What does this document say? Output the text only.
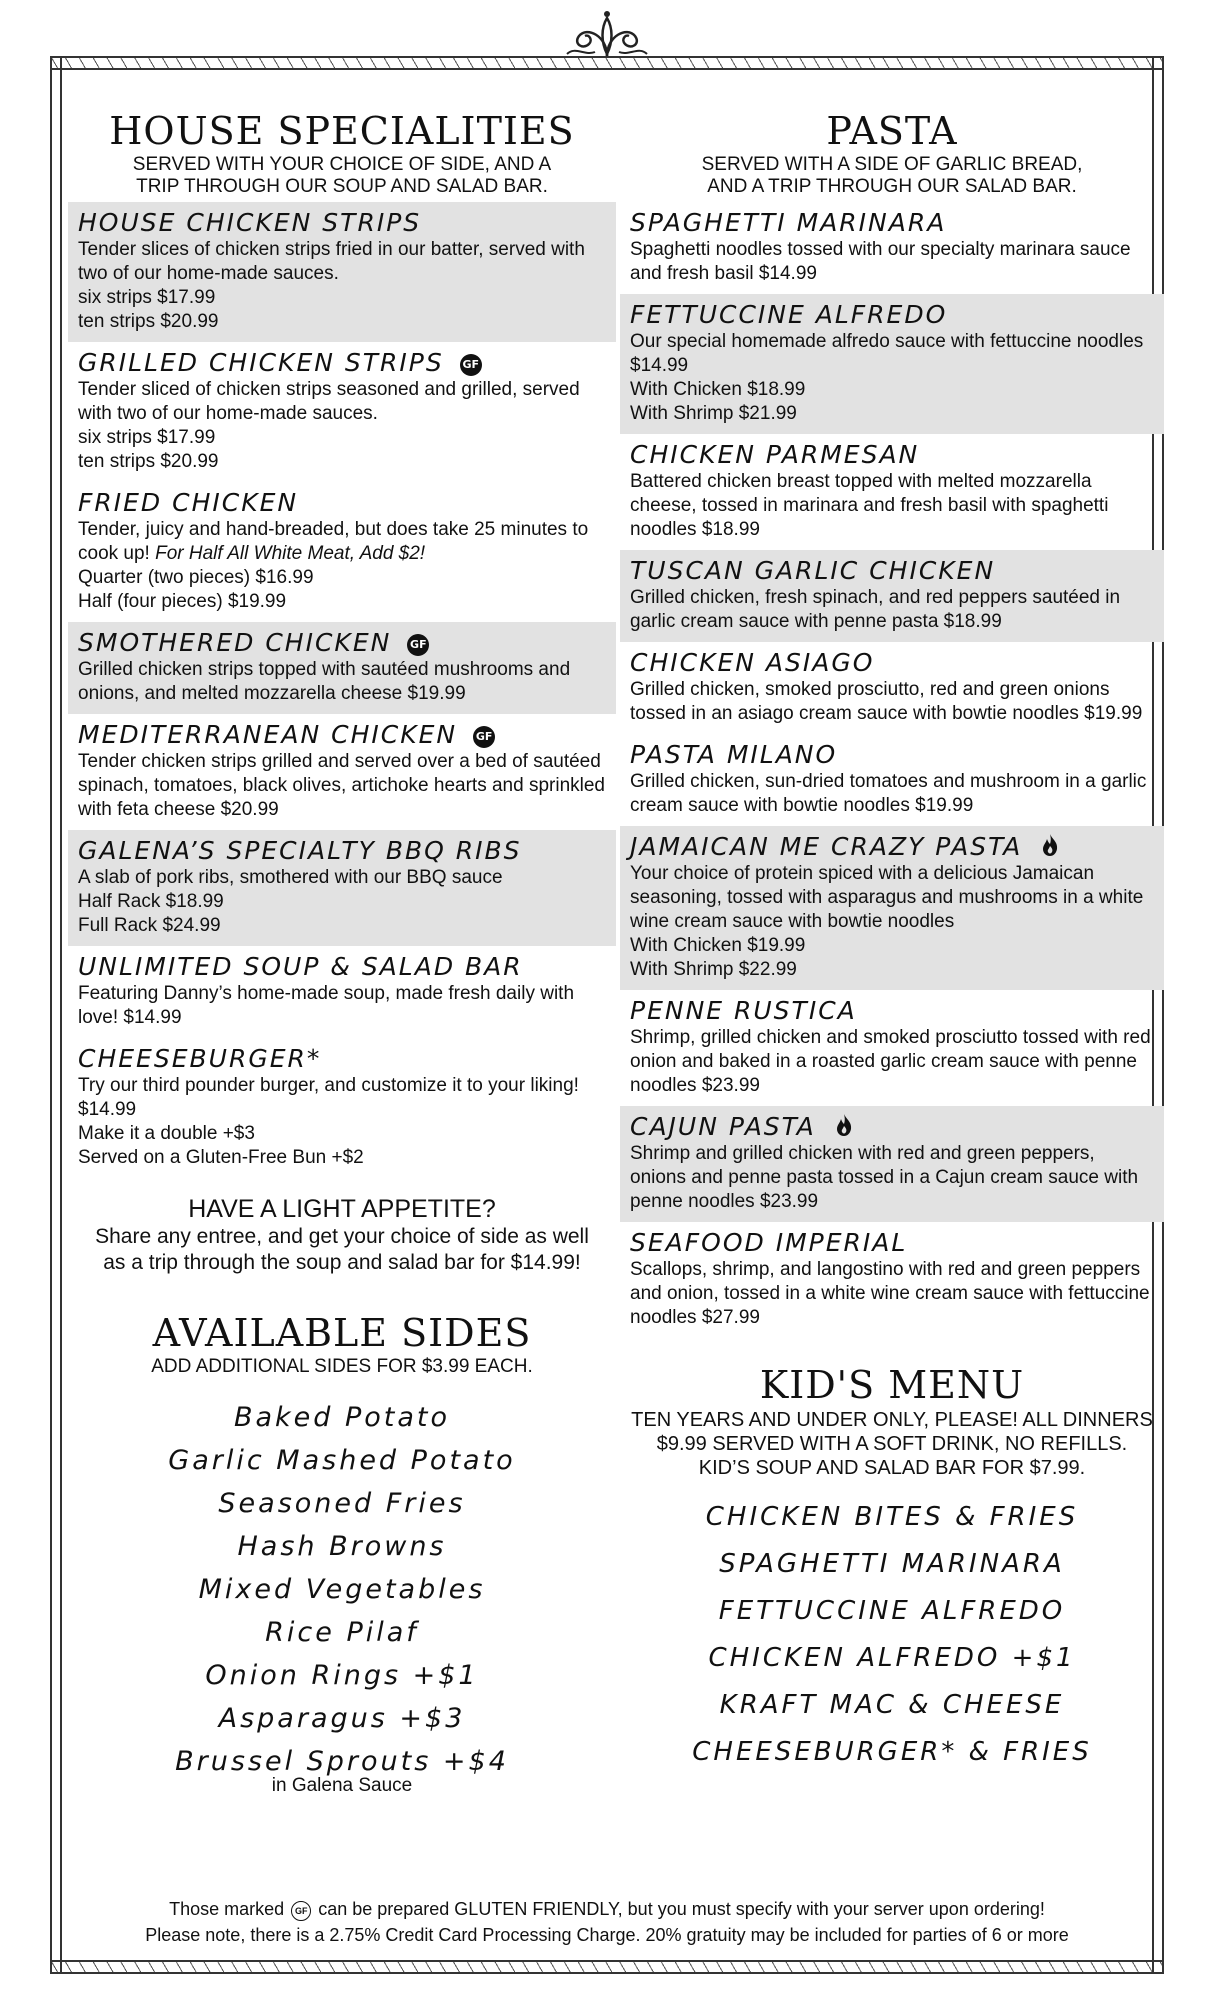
HOUSE SPECIALITIES

SERVED WITH YOUR CHOICE OF SIDE, AND A

TRIP THROUGH OUR SOUP AND SALAD BAR.

HOUSE CHICKEN STRIPS

Tender slices of chicken strips fried in our batter, served with two of our home-made sauces.

six strips $17.99

ten strips $20.99

GRILLED CHICKEN STRIPS GF

Tender sliced of chicken strips seasoned and grilled, served with two of our home-made sauces.

six strips $17.99

ten strips $20.99

FRIED CHICKEN

Tender, juicy and hand-breaded, but does take 25 minutes to cook up! For Half All White Meat, Add $2!

Quarter (two pieces) $16.99

Half (four pieces) $19.99

SMOTHERED CHICKEN GF

Grilled chicken strips topped with sautéed mushrooms and onions, and melted mozzarella cheese $19.99

MEDITERRANEAN CHICKEN GF

Tender chicken strips grilled and served over a bed of sautéed spinach, tomatoes, black olives, artichoke hearts and sprinkled with feta cheese $20.99

GALENA’S SPECIALTY BBQ RIBS

A slab of pork ribs, smothered with our BBQ sauce

Half Rack $18.99

Full Rack $24.99

UNLIMITED SOUP & SALAD BAR

Featuring Danny’s home-made soup, made fresh daily with love! $14.99

CHEESEBURGER*

Try our third pounder burger, and customize it to your liking! $14.99

Make it a double +$3

Served on a Gluten-Free Bun +$2

HAVE A LIGHT APPETITE?

Share any entree, and get your choice of side as well

as a trip through the soup and salad bar for $14.99!

AVAILABLE SIDES

ADD ADDITIONAL SIDES FOR $3.99 EACH.

Baked Potato
Garlic Mashed Potato
Seasoned Fries
Hash Browns
Mixed Vegetables
Rice Pilaf
Onion Rings +$1
Asparagus +$3
Brussel Sprouts +$4

in Galena Sauce

PASTA

SERVED WITH A SIDE OF GARLIC BREAD,

AND A TRIP THROUGH OUR SALAD BAR.

SPAGHETTI MARINARA

Spaghetti noodles tossed with our specialty marinara sauce and fresh basil $14.99

FETTUCCINE ALFREDO

Our special homemade alfredo sauce with fettuccine noodles $14.99

With Chicken $18.99

With Shrimp $21.99

CHICKEN PARMESAN

Battered chicken breast topped with melted mozzarella cheese, tossed in marinara and fresh basil with spaghetti noodles $18.99

TUSCAN GARLIC CHICKEN

Grilled chicken, fresh spinach, and red peppers sautéed in garlic cream sauce with penne pasta $18.99

CHICKEN ASIAGO

Grilled chicken, smoked prosciutto, red and green onions tossed in an asiago cream sauce with bowtie noodles $19.99

PASTA MILANO

Grilled chicken, sun-dried tomatoes and mushroom in a garlic cream sauce with bowtie noodles $19.99

JAMAICAN ME CRAZY PASTA

Your choice of protein spiced with a delicious Jamaican seasoning, tossed with asparagus and mushrooms in a white wine cream sauce with bowtie noodles

With Chicken $19.99

With Shrimp $22.99

PENNE RUSTICA

Shrimp, grilled chicken and smoked prosciutto tossed with red onion and baked in a roasted garlic cream sauce with penne noodles $23.99

CAJUN PASTA

Shrimp and grilled chicken with red and green peppers, onions and penne pasta tossed in a Cajun cream sauce with penne noodles $23.99

SEAFOOD IMPERIAL

Scallops, shrimp, and langostino with red and green peppers and onion, tossed in a white wine cream sauce with fettuccine noodles $27.99

KID'S MENU

TEN YEARS AND UNDER ONLY, PLEASE! ALL DINNERS

$9.99 SERVED WITH A SOFT DRINK, NO REFILLS.

KID’S SOUP AND SALAD BAR FOR $7.99.

CHICKEN BITES & FRIES
SPAGHETTI MARINARA
FETTUCCINE ALFREDO
CHICKEN ALFREDO +$1
KRAFT MAC & CHEESE
CHEESEBURGER* & FRIES

Those marked GF can be prepared GLUTEN FRIENDLY, but you must specify with your server upon ordering!

Please note, there is a 2.75% Credit Card Processing Charge. 20% gratuity may be included for parties of 6 or more
